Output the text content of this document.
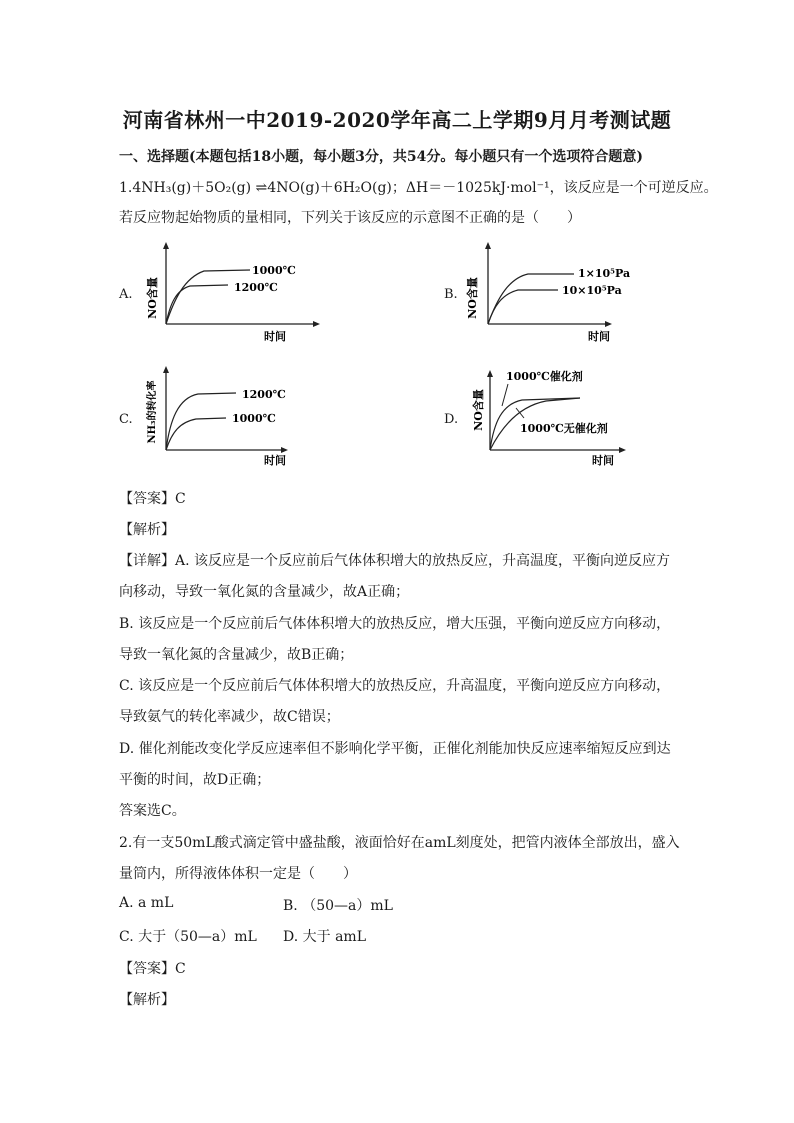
河南省林州一中2019-2020学年高二上学期9月月考测试题
一、选择题(本题包括18小题，每小题3分，共54分。每小题只有一个选项符合题意)
1.4NH₃(g)＋5O₂(g) ⇌4NO(g)＋6H₂O(g)；ΔH＝－1025kJ·mol⁻¹，该反应是一个可逆反应。
若反应物起始物质的量相同，下列关于该反应的示意图不正确的是（　　）
A. NO含量
1000℃
1200℃
时间
B. NO含量
1×10⁵Pa
10×10⁵Pa
时间
C. NH₃的转化率	1200℃
1000℃
时间
D. NO含量
1000℃催化剂
1000℃无催化剂
时间
【答案】C
【解析】
【详解】A. 该反应是一个反应前后气体体积增大的放热反应，升高温度，平衡向逆反应方
向移动，导致一氧化氮的含量减少，故A正确；
B. 该反应是一个反应前后气体体积增大的放热反应，增大压强，平衡向逆反应方向移动，
导致一氧化氮的含量减少，故B正确；
C. 该反应是一个反应前后气体体积增大的放热反应，升高温度，平衡向逆反应方向移动，
导致氨气的转化率减少，故C错误；
D. 催化剂能改变化学反应速率但不影响化学平衡，正催化剂能加快反应速率缩短反应到达
平衡的时间，故D正确；
答案选C。
2.有一支50mL酸式滴定管中盛盐酸，液面恰好在amL刻度处，把管内液体全部放出，盛入
量筒内，所得液体体积一定是（　　）
A. a mL	B. （50—a）mL
C. 大于（50—a）mL	D. 大于 amL
【答案】C
【解析】
